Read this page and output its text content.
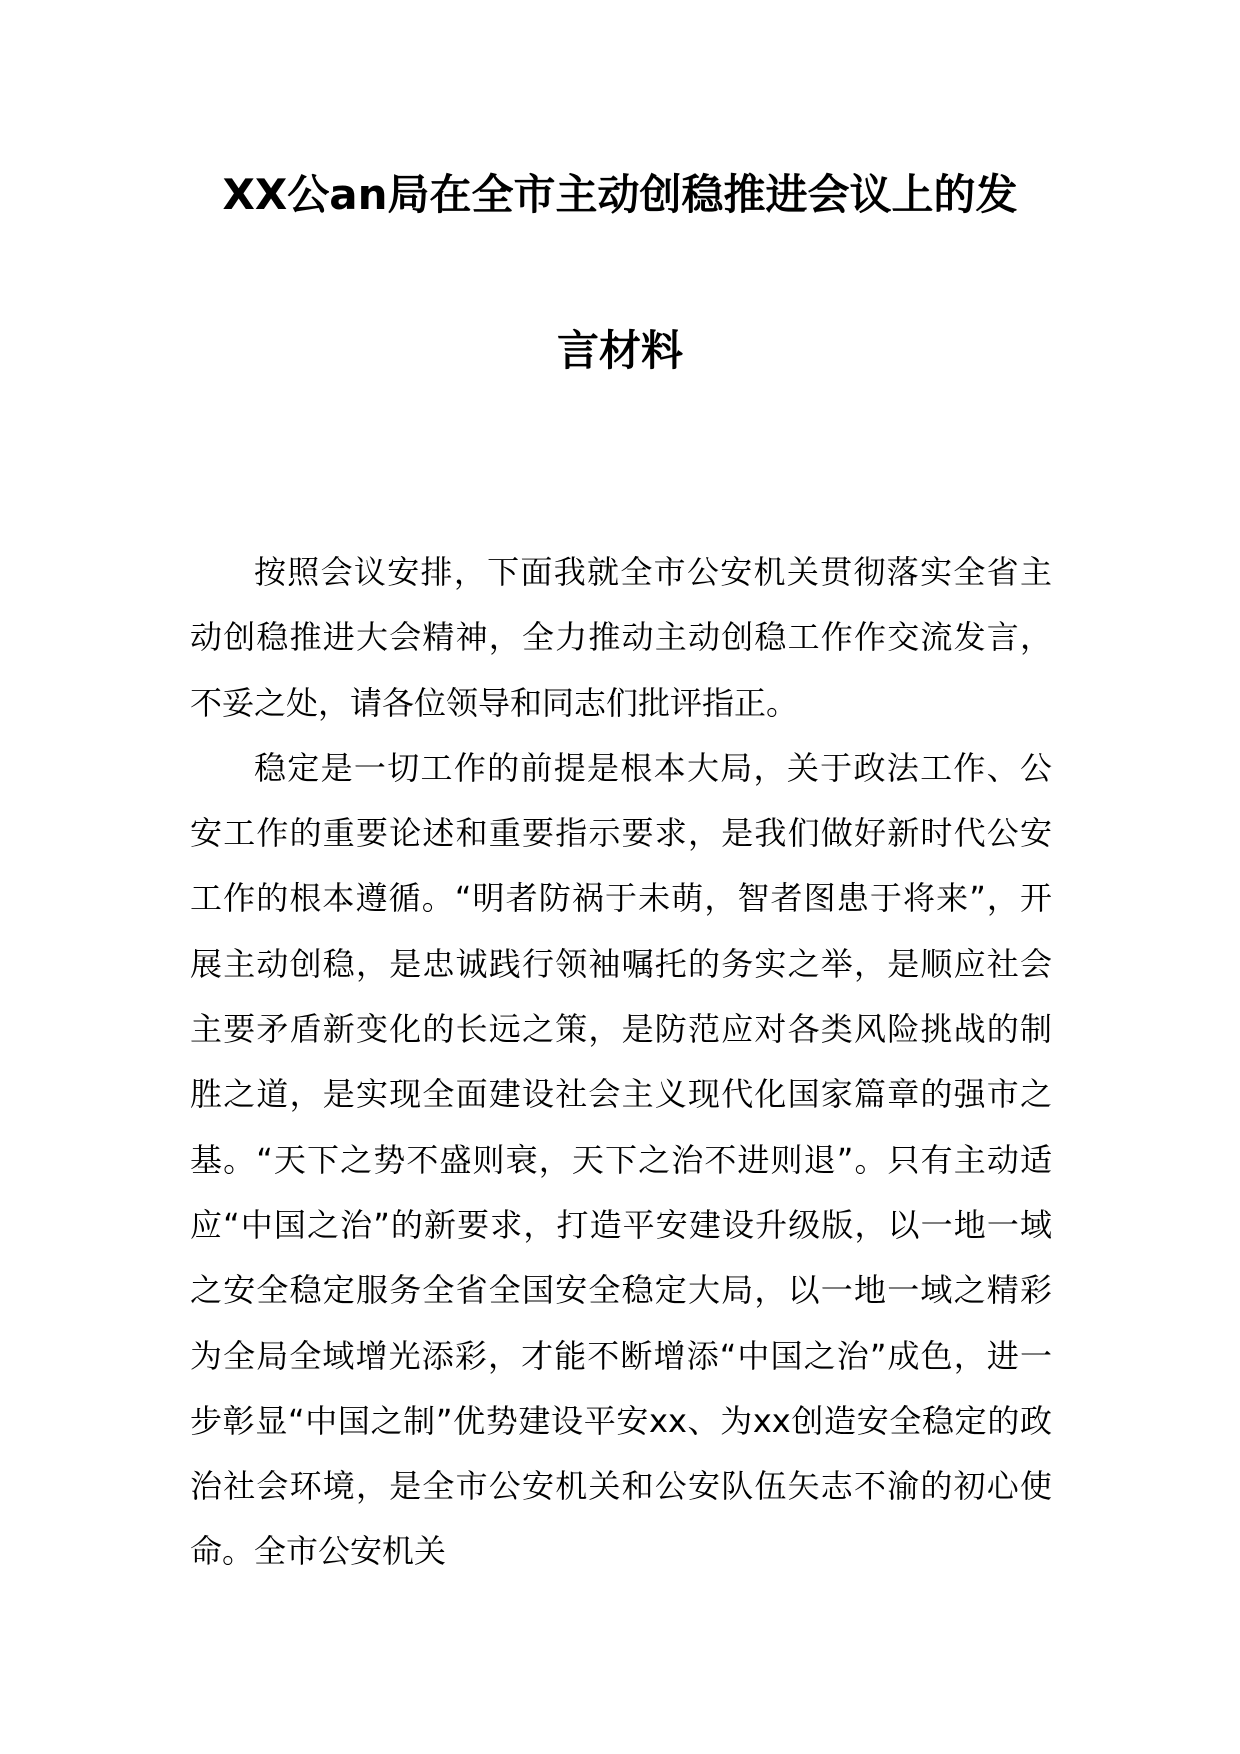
XX公an局在全市主动创稳推进会议上的发
言材料

按照会议安排，下面我就全市公安机关贯彻落实全省主动创稳推进大会精神，全力推动主动创稳工作作交流发言，不妥之处，请各位领导和同志们批评指正。

稳定是一切工作的前提是根本大局，关于政法工作、公安工作的重要论述和重要指示要求，是我们做好新时代公安工作的根本遵循。“明者防祸于未萌，智者图患于将来”，开展主动创稳，是忠诚践行领袖嘱托的务实之举，是顺应社会主要矛盾新变化的长远之策，是防范应对各类风险挑战的制胜之道，是实现全面建设社会主义现代化国家篇章的强市之基。“天下之势不盛则衰，天下之治不进则退”。只有主动适应“中国之治”的新要求，打造平安建设升级版，以一地一域之安全稳定服务全省全国安全稳定大局，以一地一域之精彩为全局全域增光添彩，才能不断增添“中国之治”成色，进一步彰显“中国之制”优势建设平安xx、为xx创造安全稳定的政治社会环境，是全市公安机关和公安队伍矢志不渝的初心使命。全市公安机关
